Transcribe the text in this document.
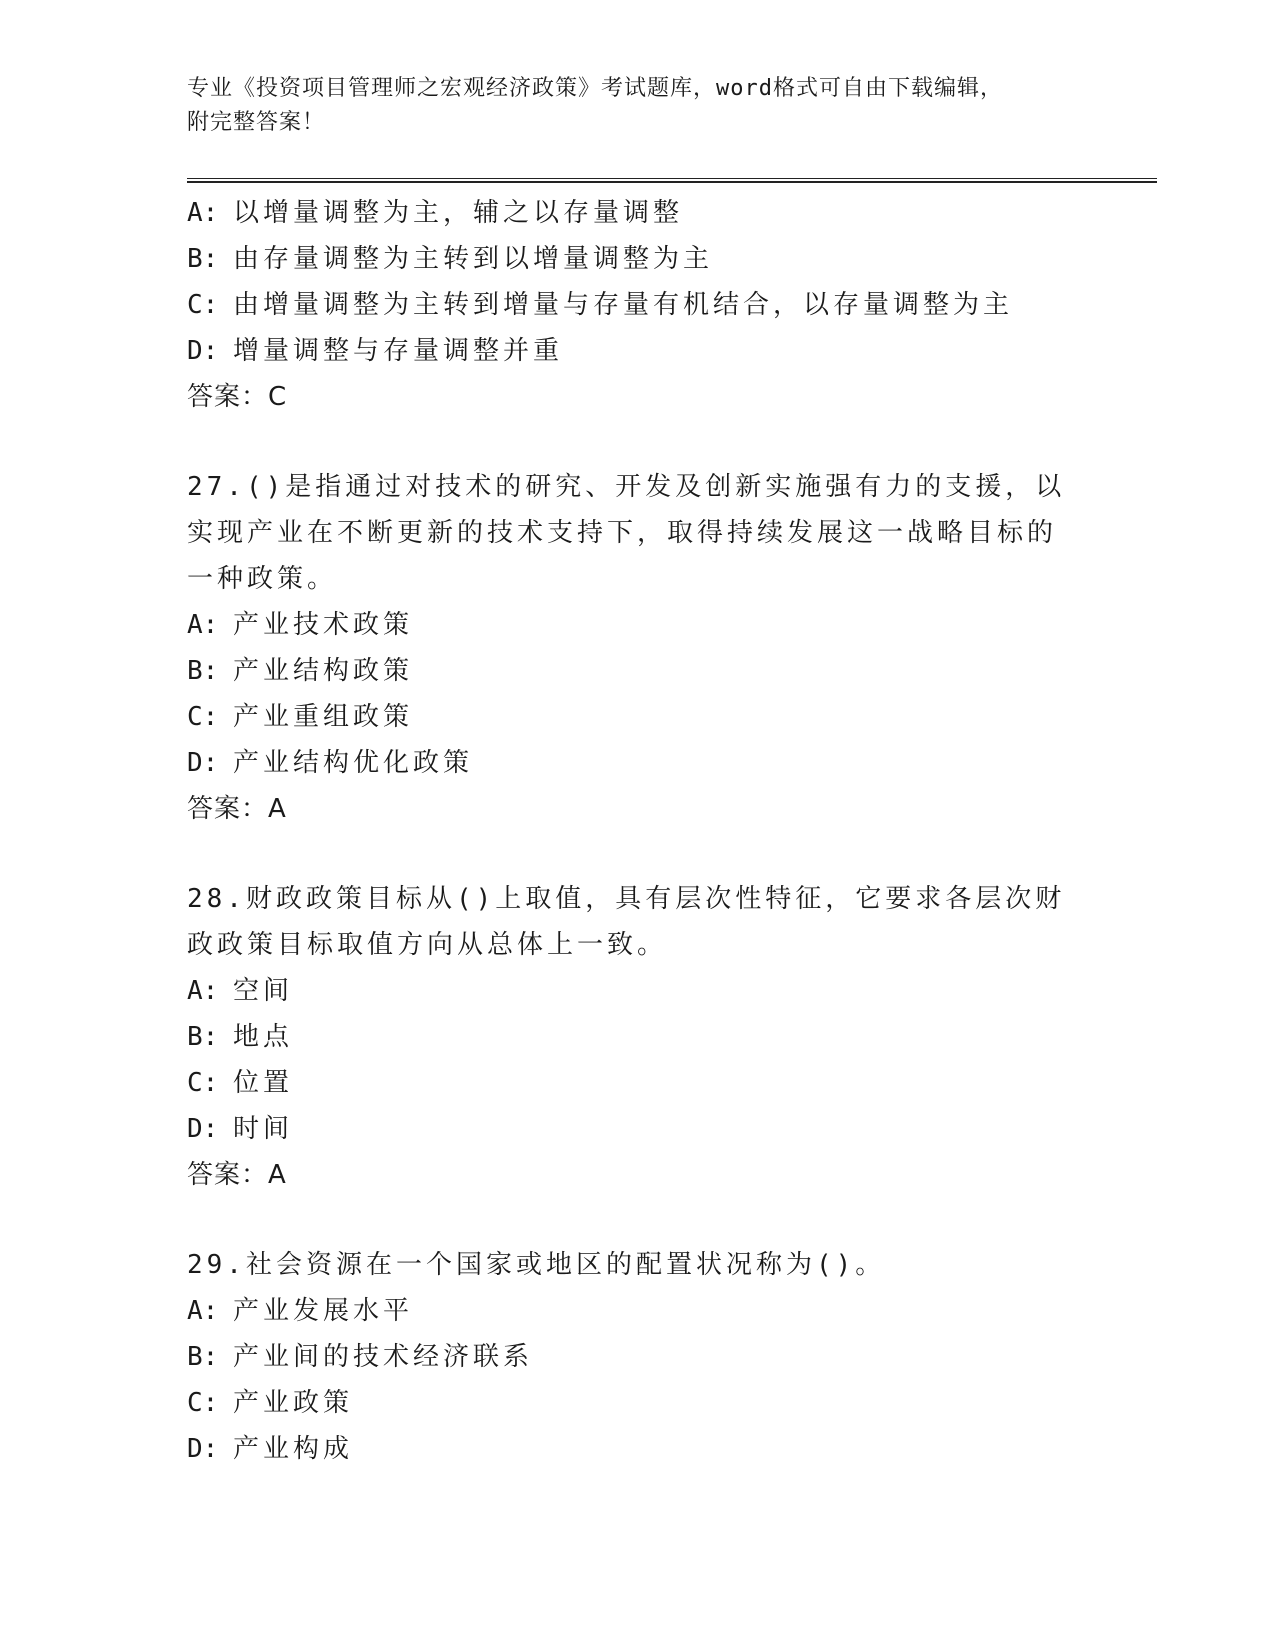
专业《投资项目管理师之宏观经济政策》考试题库，word格式可自由下载编辑，
附完整答案！
A: 以增量调整为主，辅之以存量调整
B: 由存量调整为主转到以增量调整为主
C: 由增量调整为主转到增量与存量有机结合，以存量调整为主
D: 增量调整与存量调整并重
答案：C
27.()是指通过对技术的研究、开发及创新实施强有力的支援，以实现产业在不断更新的技术支持下，取得持续发展这一战略目标的一种政策。
A: 产业技术政策
B: 产业结构政策
C: 产业重组政策
D: 产业结构优化政策
答案：A
28.财政政策目标从()上取值，具有层次性特征，它要求各层次财政政策目标取值方向从总体上一致。
A: 空间
B: 地点
C: 位置
D: 时间
答案：A
29.社会资源在一个国家或地区的配置状况称为()。
A: 产业发展水平
B: 产业间的技术经济联系
C: 产业政策
D: 产业构成
